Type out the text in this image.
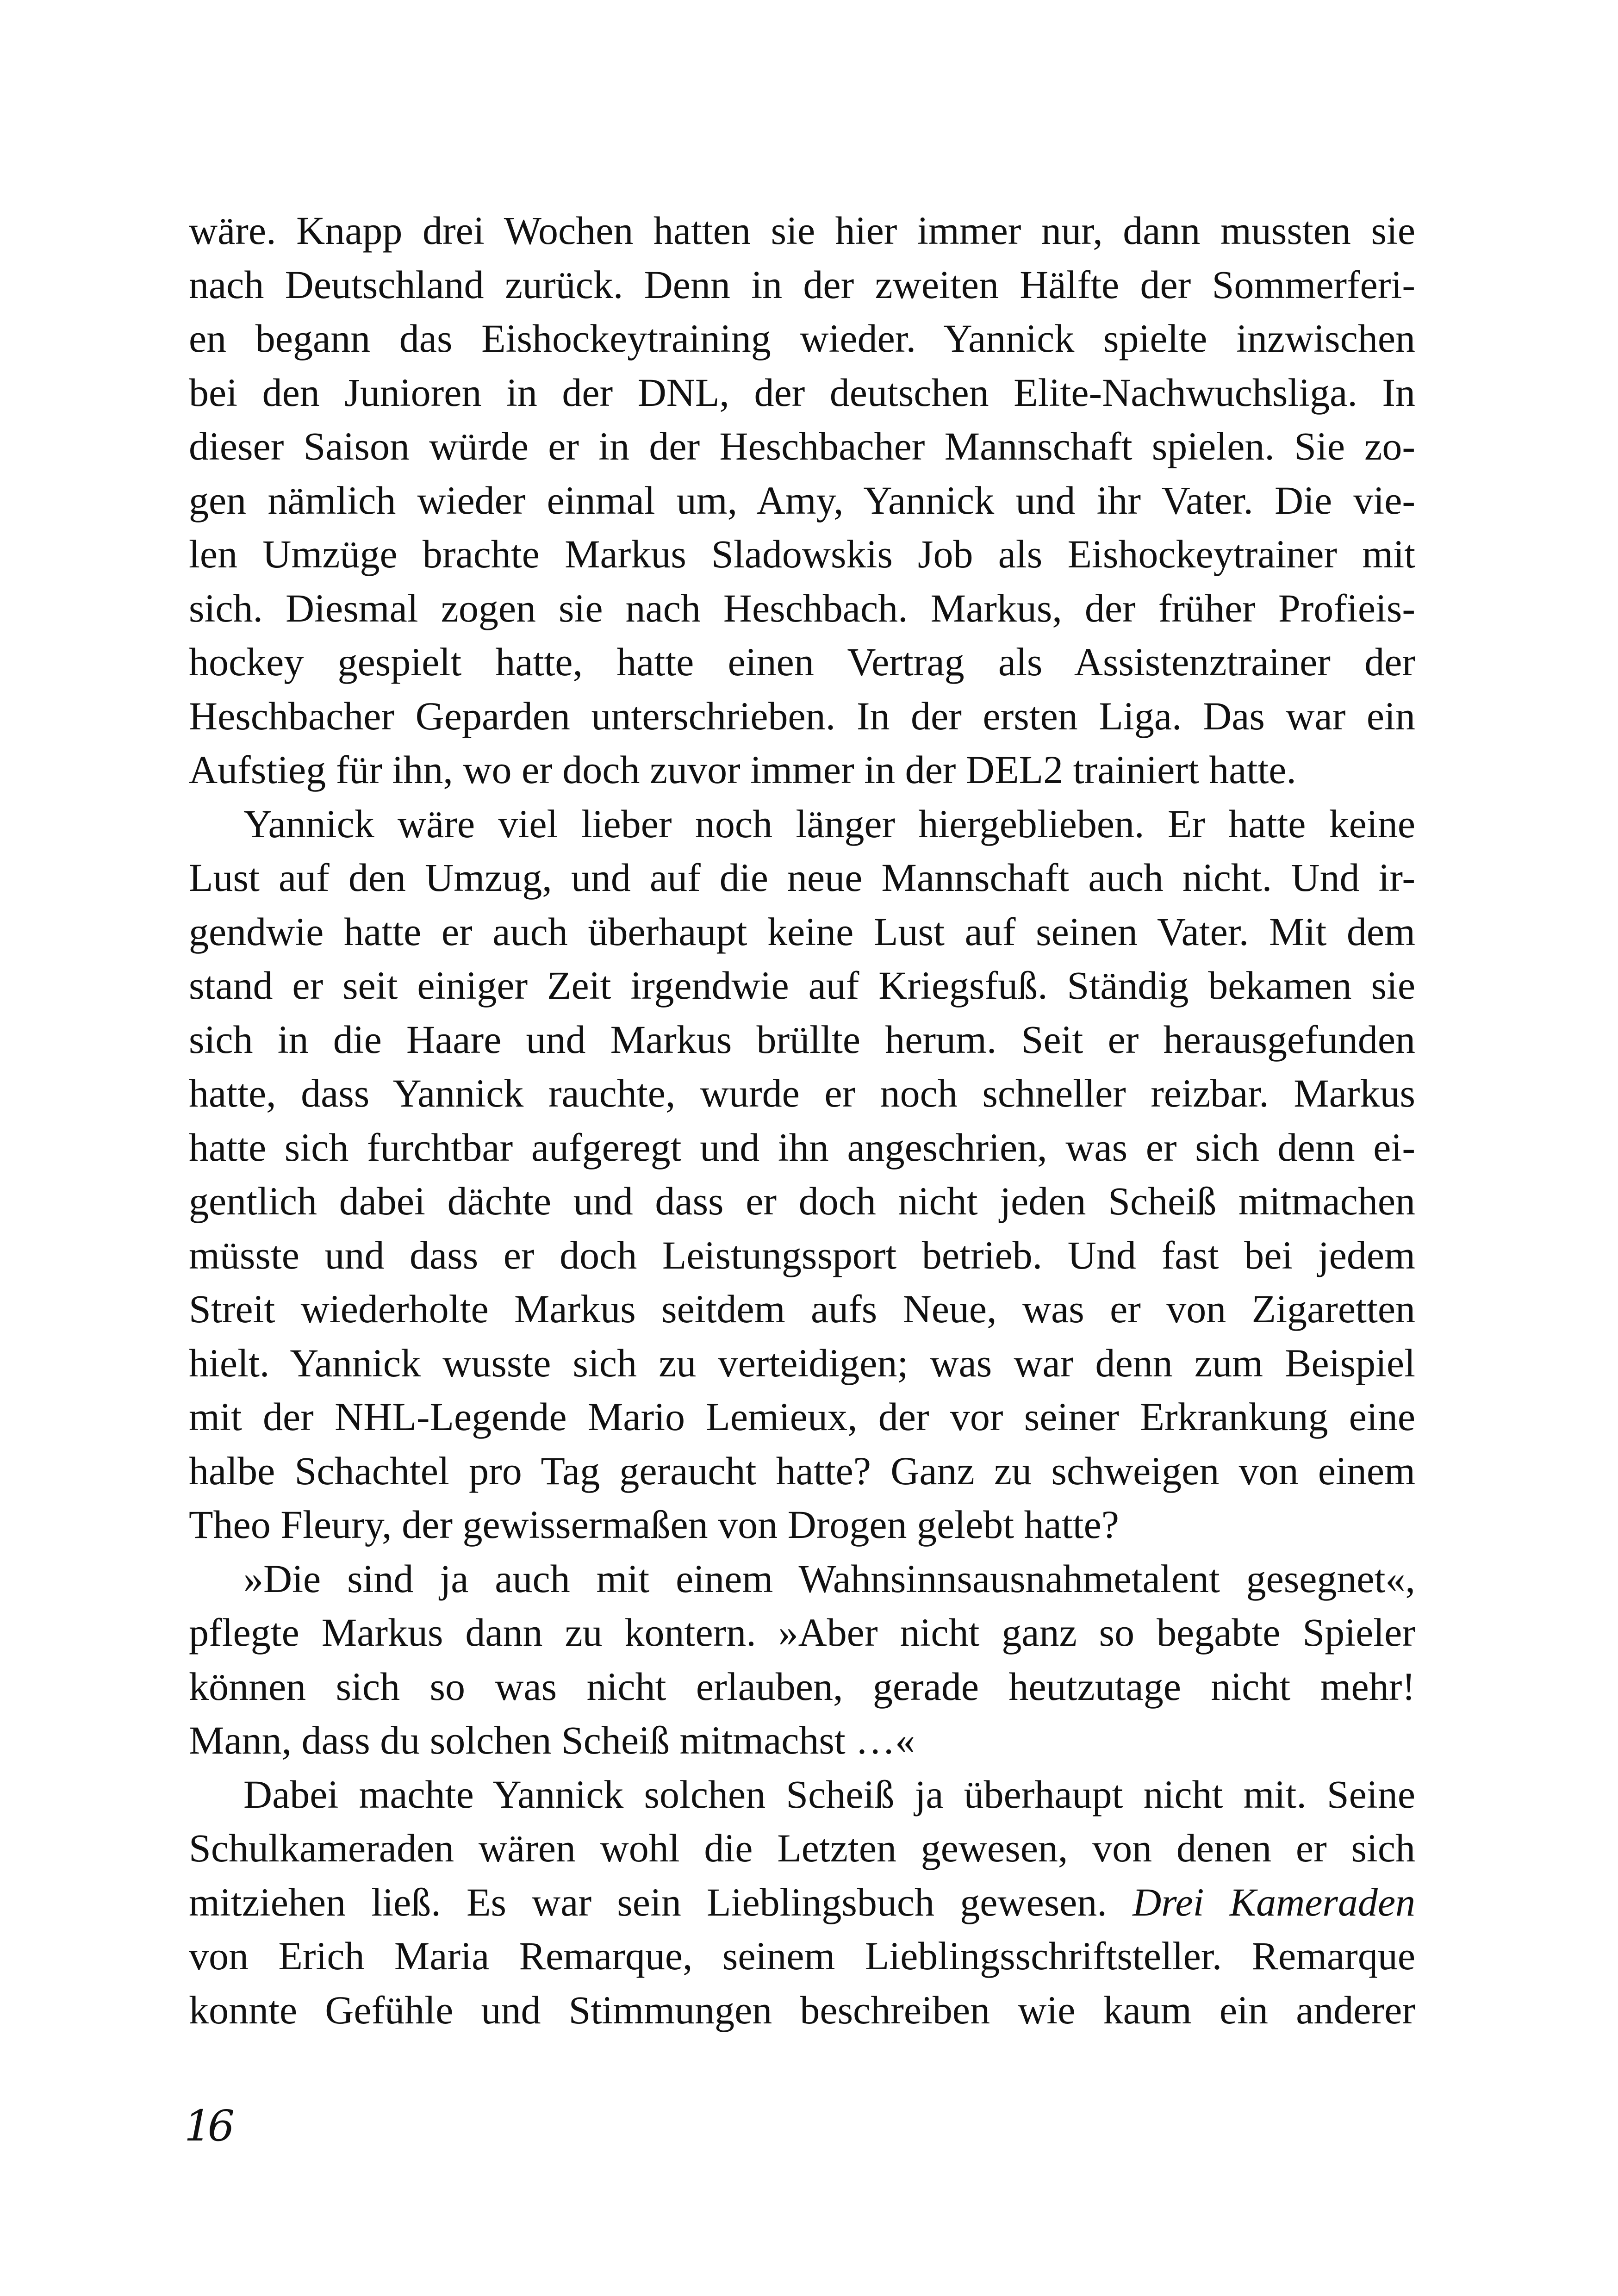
wäre. Knapp drei Wochen hatten sie hier immer nur, dann mussten sie
nach Deutschland zurück. Denn in der zweiten Hälfte der Sommerferi-
en begann das Eishockeytraining wieder. Yannick spielte inzwischen
bei den Junioren in der DNL, der deutschen Elite-Nachwuchsliga. In
dieser Saison würde er in der Heschbacher Mannschaft spielen. Sie zo-
gen nämlich wieder einmal um, Amy, Yannick und ihr Vater. Die vie-
len Umzüge brachte Markus Sladowskis Job als Eishockeytrainer mit
sich. Diesmal zogen sie nach Heschbach. Markus, der früher Profieis-
hockey gespielt hatte, hatte einen Vertrag als Assistenztrainer der
Heschbacher Geparden unterschrieben. In der ersten Liga. Das war ein
Aufstieg für ihn, wo er doch zuvor immer in der DEL2 trainiert hatte.
Yannick wäre viel lieber noch länger hiergeblieben. Er hatte keine
Lust auf den Umzug, und auf die neue Mannschaft auch nicht. Und ir-
gendwie hatte er auch überhaupt keine Lust auf seinen Vater. Mit dem
stand er seit einiger Zeit irgendwie auf Kriegsfuß. Ständig bekamen sie
sich in die Haare und Markus brüllte herum. Seit er herausgefunden
hatte, dass Yannick rauchte, wurde er noch schneller reizbar. Markus
hatte sich furchtbar aufgeregt und ihn angeschrien, was er sich denn ei-
gentlich dabei dächte und dass er doch nicht jeden Scheiß mitmachen
müsste und dass er doch Leistungssport betrieb. Und fast bei jedem
Streit wiederholte Markus seitdem aufs Neue, was er von Zigaretten
hielt. Yannick wusste sich zu verteidigen; was war denn zum Beispiel
mit der NHL-Legende Mario Lemieux, der vor seiner Erkrankung eine
halbe Schachtel pro Tag geraucht hatte? Ganz zu schweigen von einem
Theo Fleury, der gewissermaßen von Drogen gelebt hatte?
»Die sind ja auch mit einem Wahnsinnsausnahmetalent gesegnet«,
pflegte Markus dann zu kontern. »Aber nicht ganz so begabte Spieler
können sich so was nicht erlauben, gerade heutzutage nicht mehr!
Mann, dass du solchen Scheiß mitmachst …«
Dabei machte Yannick solchen Scheiß ja überhaupt nicht mit. Seine
Schulkameraden wären wohl die Letzten gewesen, von denen er sich
mitziehen ließ. Es war sein Lieblingsbuch gewesen. Drei Kameraden
von Erich Maria Remarque, seinem Lieblingsschriftsteller. Remarque
konnte Gefühle und Stimmungen beschreiben wie kaum ein anderer
16
